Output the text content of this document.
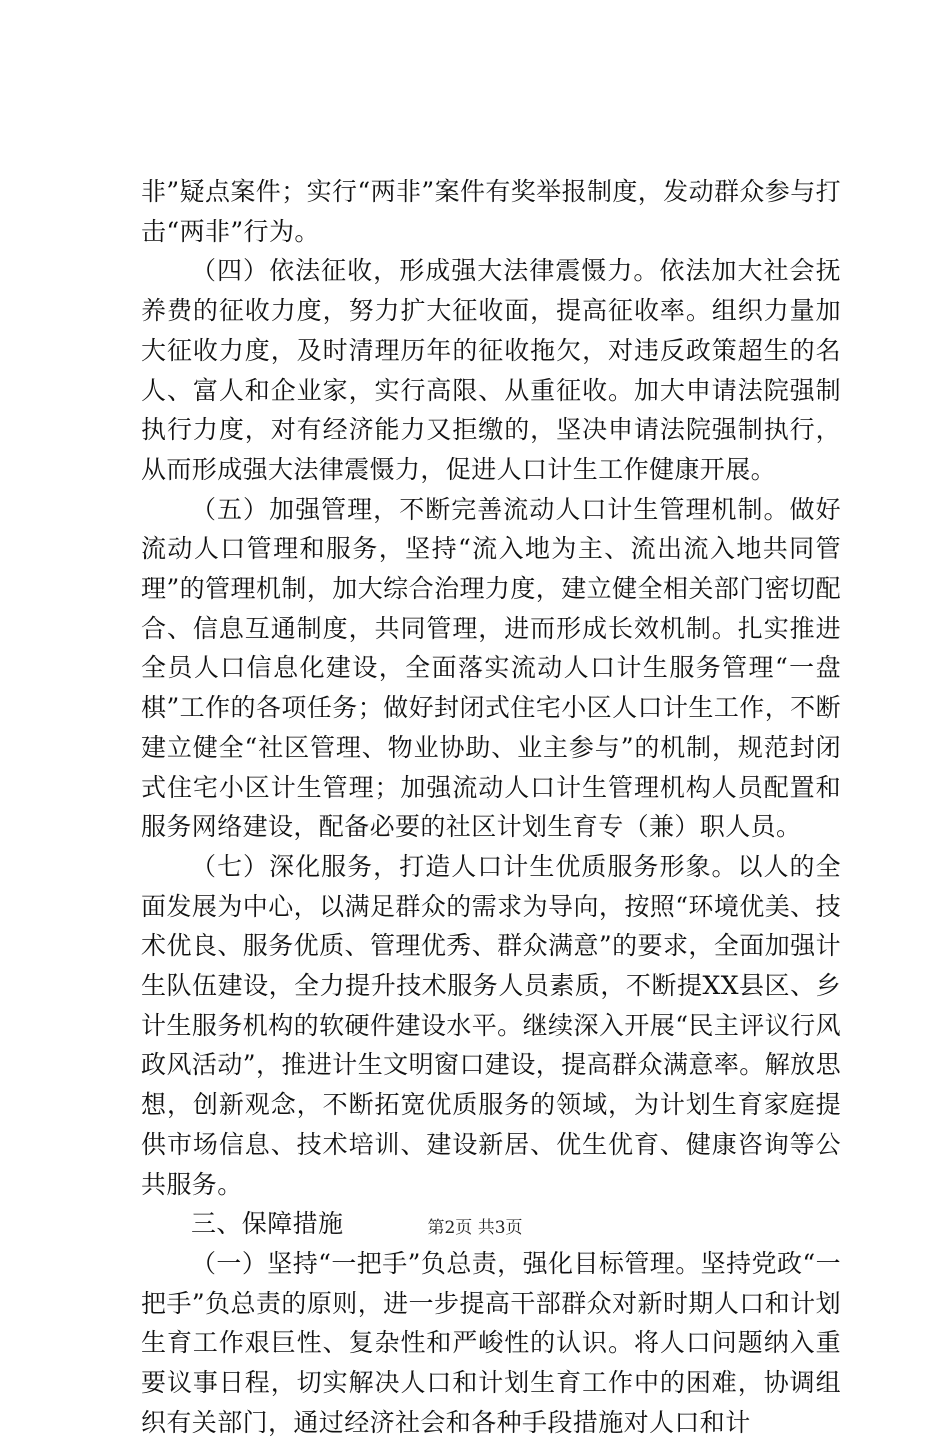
非”疑点案件；实行“两非”案件有奖举报制度，发动群众参与打击“两非”行为。

（四）依法征收，形成强大法律震慑力。依法加大社会抚养费的征收力度，努力扩大征收面，提高征收率。组织力量加大征收力度，及时清理历年的征收拖欠，对违反政策超生的名人、富人和企业家，实行高限、从重征收。加大申请法院强制执行力度，对有经济能力又拒缴的，坚决申请法院强制执行，从而形成强大法律震慑力，促进人口计生工作健康开展。

（五）加强管理，不断完善流动人口计生管理机制。做好流动人口管理和服务，坚持“流入地为主、流出流入地共同管理”的管理机制，加大综合治理力度，建立健全相关部门密切配合、信息互通制度，共同管理，进而形成长效机制。扎实推进全员人口信息化建设，全面落实流动人口计生服务管理“一盘棋”工作的各项任务；做好封闭式住宅小区人口计生工作，不断建立健全“社区管理、物业协助、业主参与”的机制，规范封闭式住宅小区计生管理；加强流动人口计生管理机构人员配置和服务网络建设，配备必要的社区计划生育专（兼）职人员。

（七）深化服务，打造人口计生优质服务形象。以人的全面发展为中心，以满足群众的需求为导向，按照“环境优美、技术优良、服务优质、管理优秀、群众满意”的要求，全面加强计生队伍建设，全力提升技术服务人员素质，不断提XX县区、乡计生服务机构的软硬件建设水平。继续深入开展“民主评议行风政风活动”，推进计生文明窗口建设，提高群众满意率。解放思想，创新观念，不断拓宽优质服务的领域，为计划生育家庭提供市场信息、技术培训、建设新居、优生优育、健康咨询等公共服务。

三、保障措施

（一）坚持“一把手”负总责，强化目标管理。坚持党政“一把手”负总责的原则，进一步提高干部群众对新时期人口和计划生育工作艰巨性、复杂性和严峻性的认识。将人口问题纳入重要议事日程，切实解决人口和计划生育工作中的困难，协调组织有关部门，通过经济社会和各种手段措施对人口和计

第2页 共3页
